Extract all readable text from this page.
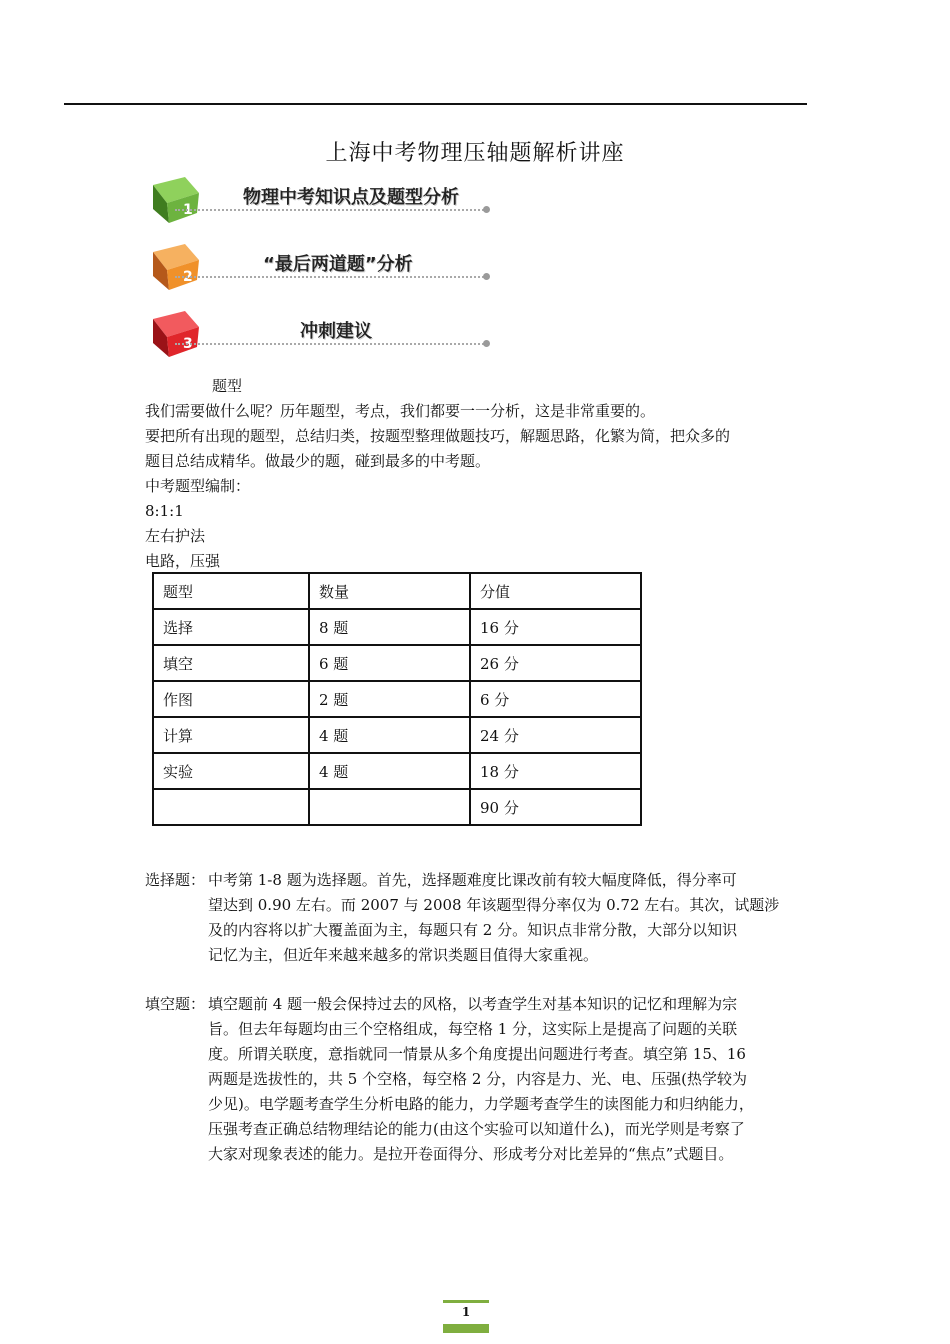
上海中考物理压轴题解析讲座
1
物理中考知识点及题型分析
2
“最后两道题”分析
3
冲刺建议
题型
我们需要做什么呢？历年题型，考点，我们都要一一分析，这是非常重要的。
要把所有出现的题型，总结归类，按题型整理做题技巧，解题思路，化繁为简，把众多的
题目总结成精华。做最少的题，碰到最多的中考题。
中考题型编制：
8:1:1
左右护法
电路，压强
题型	数量	分值
选择	8 题	16 分
填空	6 题	26 分
作图	2 题	6 分
计算	4 题	24 分
实验	4 题	18 分
		90 分
选择题： 中考第 1-8 题为选择题。首先，选择题难度比课改前有较大幅度降低，得分率可
望达到 0.90 左右。而 2007 与 2008 年该题型得分率仅为 0.72 左右。其次，试题涉
及的内容将以扩大覆盖面为主，每题只有 2 分。知识点非常分散，大部分以知识
记忆为主，但近年来越来越多的常识类题目值得大家重视。
填空题： 填空题前 4 题一般会保持过去的风格，以考查学生对基本知识的记忆和理解为宗
旨。但去年每题均由三个空格组成，每空格 1 分，这实际上是提高了问题的关联
度。所谓关联度，意指就同一情景从多个角度提出问题进行考查。填空第 15、16
两题是选拔性的，共 5 个空格，每空格 2 分，内容是力、光、电、压强(热学较为
少见)。电学题考查学生分析电路的能力，力学题考查学生的读图能力和归纳能力，
压强考查正确总结物理结论的能力(由这个实验可以知道什么)，而光学则是考察了
大家对现象表述的能力。是拉开卷面得分、形成考分对比差异的“焦点”式题目。
1
